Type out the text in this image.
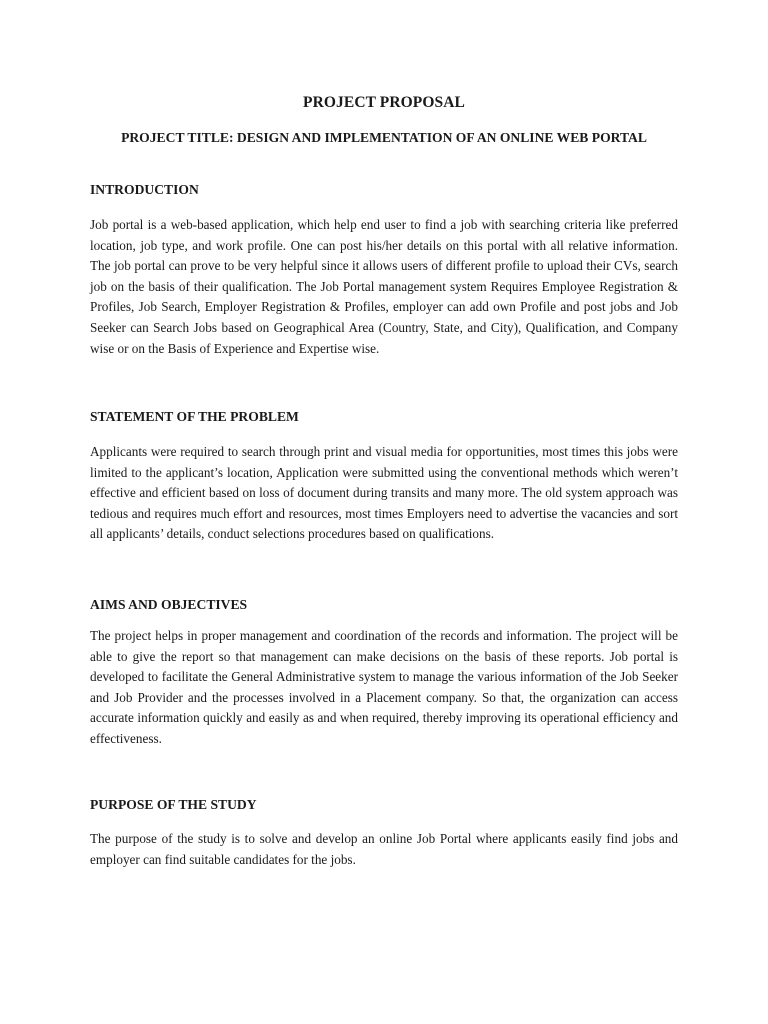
PROJECT PROPOSAL
PROJECT TITLE: DESIGN AND IMPLEMENTATION OF AN ONLINE WEB PORTAL
INTRODUCTION

Job portal is a web-based application, which help end user to find a job with searching criteria like preferred location, job type, and work profile. One can post his/her details on this portal with all relative information. The job portal can prove to be very helpful since it allows users of different profile to upload their CVs, search job on the basis of their qualification. The Job Portal management system Requires Employee Registration & Profiles, Job Search, Employer Registration & Profiles, employer can add own Profile and post jobs and Job Seeker can Search Jobs based on Geographical Area (Country, State, and City), Qualification, and Company wise or on the Basis of Experience and Expertise wise.

STATEMENT OF THE PROBLEM

Applicants were required to search through print and visual media for opportunities, most times this jobs were limited to the applicant’s location, Application were submitted using the conventional methods which weren’t effective and efficient based on loss of document during transits and many more. The old system approach was tedious and requires much effort and resources, most times Employers need to advertise the vacancies and sort all applicants’ details, conduct selections procedures based on qualifications.

AIMS AND OBJECTIVES

The project helps in proper management and coordination of the records and information. The project will be able to give the report so that management can make decisions on the basis of these reports. Job portal is developed to facilitate the General Administrative system to manage the various information of the Job Seeker and Job Provider and the processes involved in a Placement company. So that, the organization can access accurate information quickly and easily as and when required, thereby improving its operational efficiency and effectiveness.

PURPOSE OF THE STUDY

The purpose of the study is to solve and develop an online Job Portal where applicants easily find jobs and employer can find suitable candidates for the jobs.
